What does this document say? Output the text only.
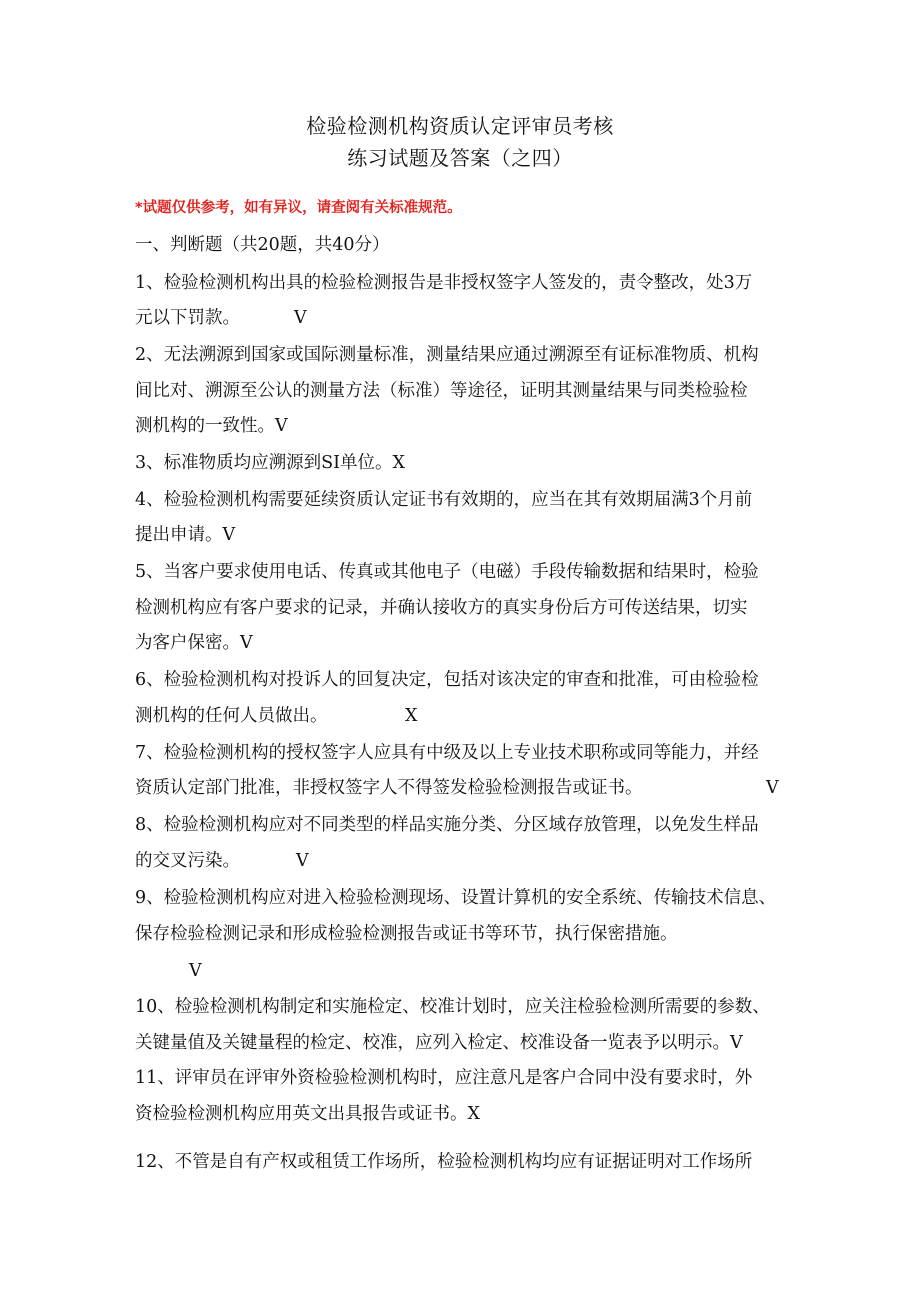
检验检测机构资质认定评审员考核
练习试题及答案（之四）
*试题仅供参考，如有异议，请查阅有关标准规范。
一、判断题（共20题，共40分）
1、检验检测机构出具的检验检测报告是非授权签字人签发的，责令整改，处3万
元以下罚款。	V
2、无法溯源到国家或国际测量标准，测量结果应通过溯源至有证标准物质、机构
间比对、溯源至公认的测量方法（标准）等途径，证明其测量结果与同类检验检
测机构的一致性。V
3、标准物质均应溯源到SI单位。X
4、检验检测机构需要延续资质认定证书有效期的，应当在其有效期届满3个月前
提出申请。V
5、当客户要求使用电话、传真或其他电子（电磁）手段传输数据和结果时，检验
检测机构应有客户要求的记录，并确认接收方的真实身份后方可传送结果，切实
为客户保密。V
6、检验检测机构对投诉人的回复决定，包括对该决定的审查和批准，可由检验检
测机构的任何人员做出。	X
7、检验检测机构的授权签字人应具有中级及以上专业技术职称或同等能力，并经
资质认定部门批准，非授权签字人不得签发检验检测报告或证书。	V
8、检验检测机构应对不同类型的样品实施分类、分区域存放管理，以免发生样品
的交叉污染。	V
9、检验检测机构应对进入检验检测现场、设置计算机的安全系统、传输技术信息、
保存检验检测记录和形成检验检测报告或证书等环节，执行保密措施。
V
10、检验检测机构制定和实施检定、校准计划时，应关注检验检测所需要的参数、
关键量值及关键量程的检定、校准，应列入检定、校准设备一览表予以明示。V
11、评审员在评审外资检验检测机构时，应注意凡是客户合同中没有要求时，外
资检验检测机构应用英文出具报告或证书。X
12、不管是自有产权或租赁工作场所，检验检测机构均应有证据证明对工作场所
